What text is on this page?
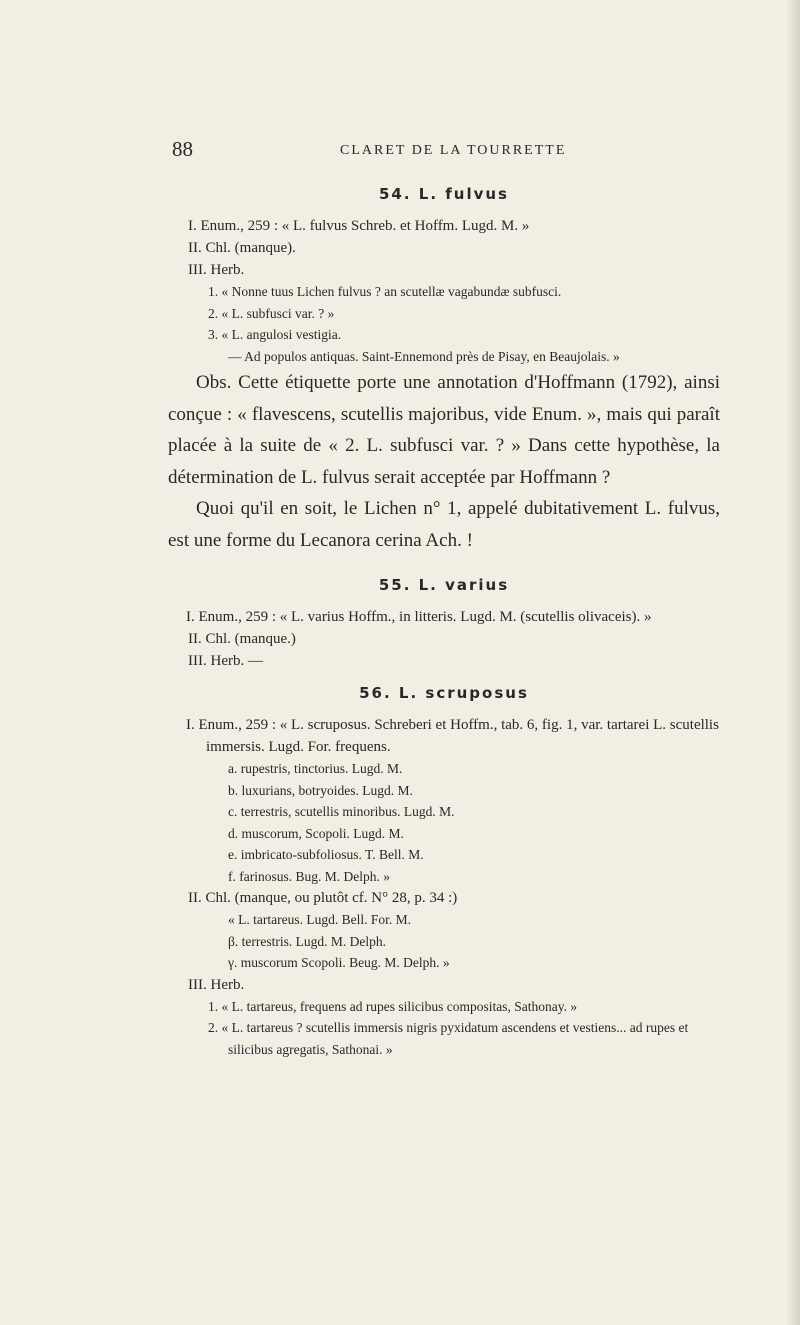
88	CLARET DE LA TOURRETTE
54. L. fulvus
I. Enum., 259 : « L. fulvus Schreb. et Hoffm. Lugd. M. »
II. Chl. (manque).
III. Herb.
1. « Nonne tuus Lichen fulvus ? an scutellæ vagabundæ subfusci.
2. « L. subfusci var. ? »
3. « L. angulosi vestigia.
— Ad populos antiquas. Saint-Ennemond près de Pisay, en Beaujolais. »
Obs. Cette étiquette porte une annotation d'Hoffmann (1792), ainsi conçue : « flavescens, scutellis majoribus, vide Enum. », mais qui paraît placée à la suite de « 2. L. subfusci var. ? » Dans cette hypothèse, la détermination de L. fulvus serait acceptée par Hoffmann ?
Quoi qu'il en soit, le Lichen n° 1, appelé dubitativement L. fulvus, est une forme du Lecanora cerina Ach. !
55. L. varius
I. Enum., 259 : « L. varius Hoffm., in litteris. Lugd. M. (scutellis olivaceis). »
II. Chl. (manque.)
III. Herb. —
56. L. scruposus
I. Enum., 259 : « L. scruposus. Schreberi et Hoffm., tab. 6, fig. 1, var. tartarei L. scutellis immersis. Lugd. For. frequens.
a. rupestris, tinctorius. Lugd. M.
b. luxurians, botryoides. Lugd. M.
c. terrestris, scutellis minoribus. Lugd. M.
d. muscorum, Scopoli. Lugd. M.
e. imbricato-subfoliosus. T. Bell. M.
f. farinosus. Bug. M. Delph. »
II. Chl. (manque, ou plutôt cf. N° 28, p. 34 :)
« L. tartareus. Lugd. Bell. For. M.
β. terrestris. Lugd. M. Delph.
γ. muscorum Scopoli. Beug. M. Delph. »
III. Herb.
1. « L. tartareus, frequens ad rupes silicibus compositas, Sathonay. »
2. « L. tartareus ? scutellis immersis nigris pyxidatum ascendens et vestiens... ad rupes et silicibus agregatis, Sathonai. »
